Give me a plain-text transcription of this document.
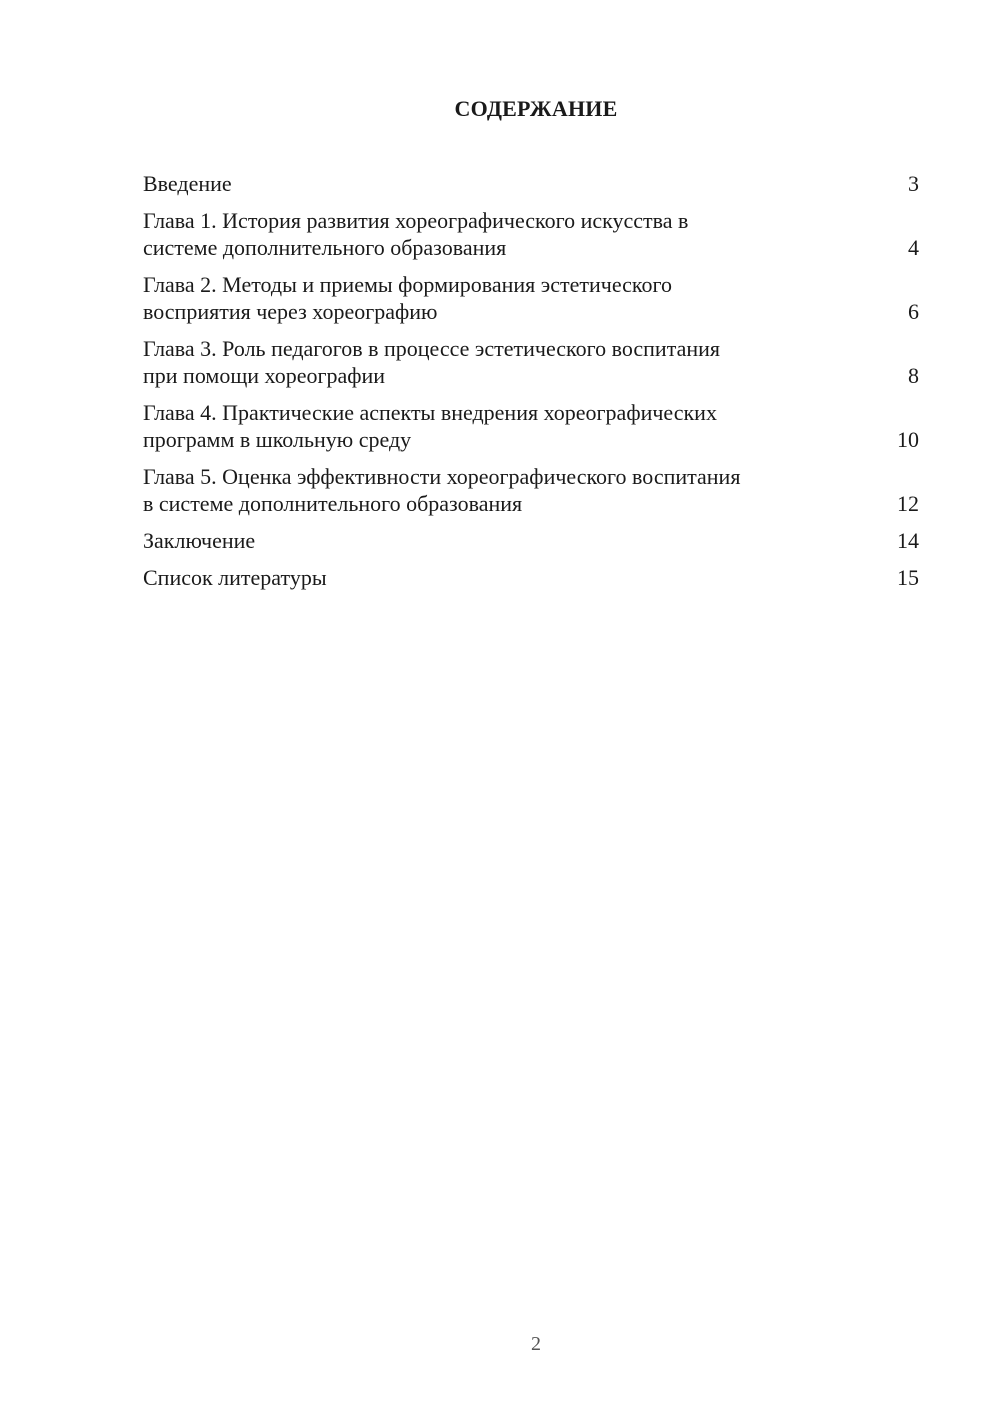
СОДЕРЖАНИЕ
Введение	3
Глава 1. История развития хореографического искусства в
системе дополнительного образования	4
Глава 2. Методы и приемы формирования эстетического
восприятия через хореографию	6
Глава 3. Роль педагогов в процессе эстетического воспитания
при помощи хореографии	8
Глава 4. Практические аспекты внедрения хореографических
программ в школьную среду	10
Глава 5. Оценка эффективности хореографического воспитания
в системе дополнительного образования	12
Заключение	14
Список литературы	15
2
